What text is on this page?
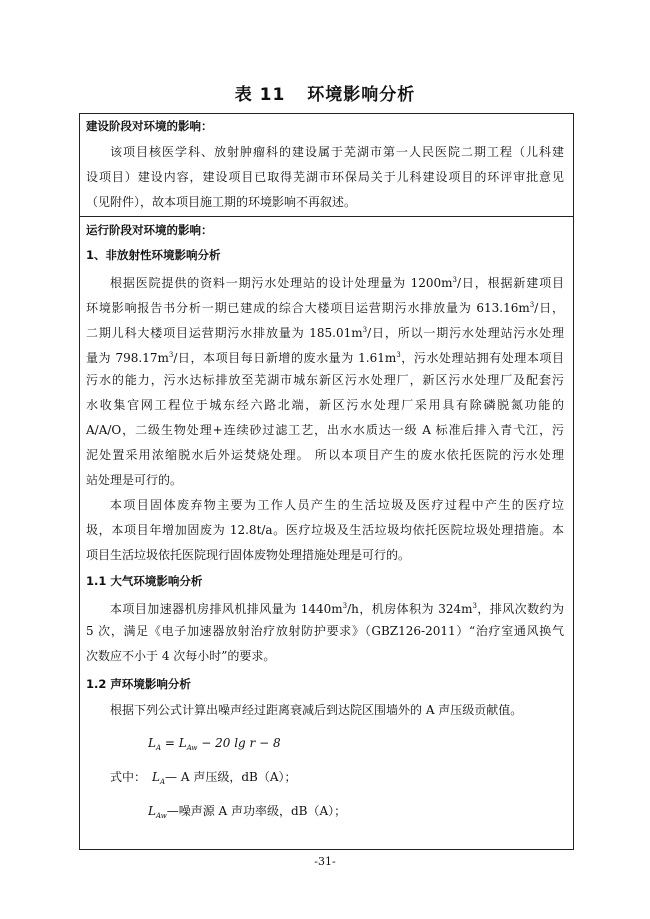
表 11 环境影响分析
建设阶段对环境的影响：
该项目核医学科、放射肿瘤科的建设属于芜湖市第一人民医院二期工程（儿科建
设项目）建设内容，建设项目已取得芜湖市环保局关于儿科建设项目的环评审批意见
（见附件），故本项目施工期的环境影响不再叙述。
运行阶段对环境的影响：
1、非放射性环境影响分析
根据医院提供的资料一期污水处理站的设计处理量为 $1200m^3/$日，根据新建项目
环境影响报告书分析一期已建成的综合大楼项目运营期污水排放量为 $613.16m^3/$日，
二期儿科大楼项目运营期污水排放量为 $185.01m^3/$日，所以一期污水处理站污水处理
量为 $798.17m^3/$日，本项目每日新增的废水量为 $1.61m^3$，污水处理站拥有处理本项目
污水的能力，污水达标排放至芜湖市城东新区污水处理厂，新区污水处理厂及配套污
水收集官网工程位于城东经六路北端，新区污水处理厂采用具有除磷脱氮功能的
A/A/O，二级生物处理+连续砂过滤工艺，出水水质达一级 A 标准后排入青弋江，污
泥处置采用浓缩脱水后外运焚烧处理。 所以本项目产生的废水依托医院的污水处理
站处理是可行的。
本项目固体废弃物主要为工作人员产生的生活垃圾及医疗过程中产生的医疗垃
圾，本项目年增加固废为 12.8t/a。医疗垃圾及生活垃圾均依托医院垃圾处理措施。本
项目生活垃圾依托医院现行固体废物处理措施处理是可行的。
1.1 大气环境影响分析
本项目加速器机房排风机排风量为 $1440m^3/h$，机房体积为 $324m^3$，排风次数约为
5 次，满足《电子加速器放射治疗放射防护要求》（GBZ126-2011）“治疗室通风换气
次数应不小于 4 次每小时”的要求。
1.2 声环境影响分析
根据下列公式计算出噪声经过距离衰减后到达院区围墙外的 A 声压级贡献值。
$L_A = L_{Aw} - 20$ lg r − 8
式中： $L_A—$ A 声压级，dB（A）；
$L_{Aw}—$噪声源 A 声功率级，dB（A）；
-31-
